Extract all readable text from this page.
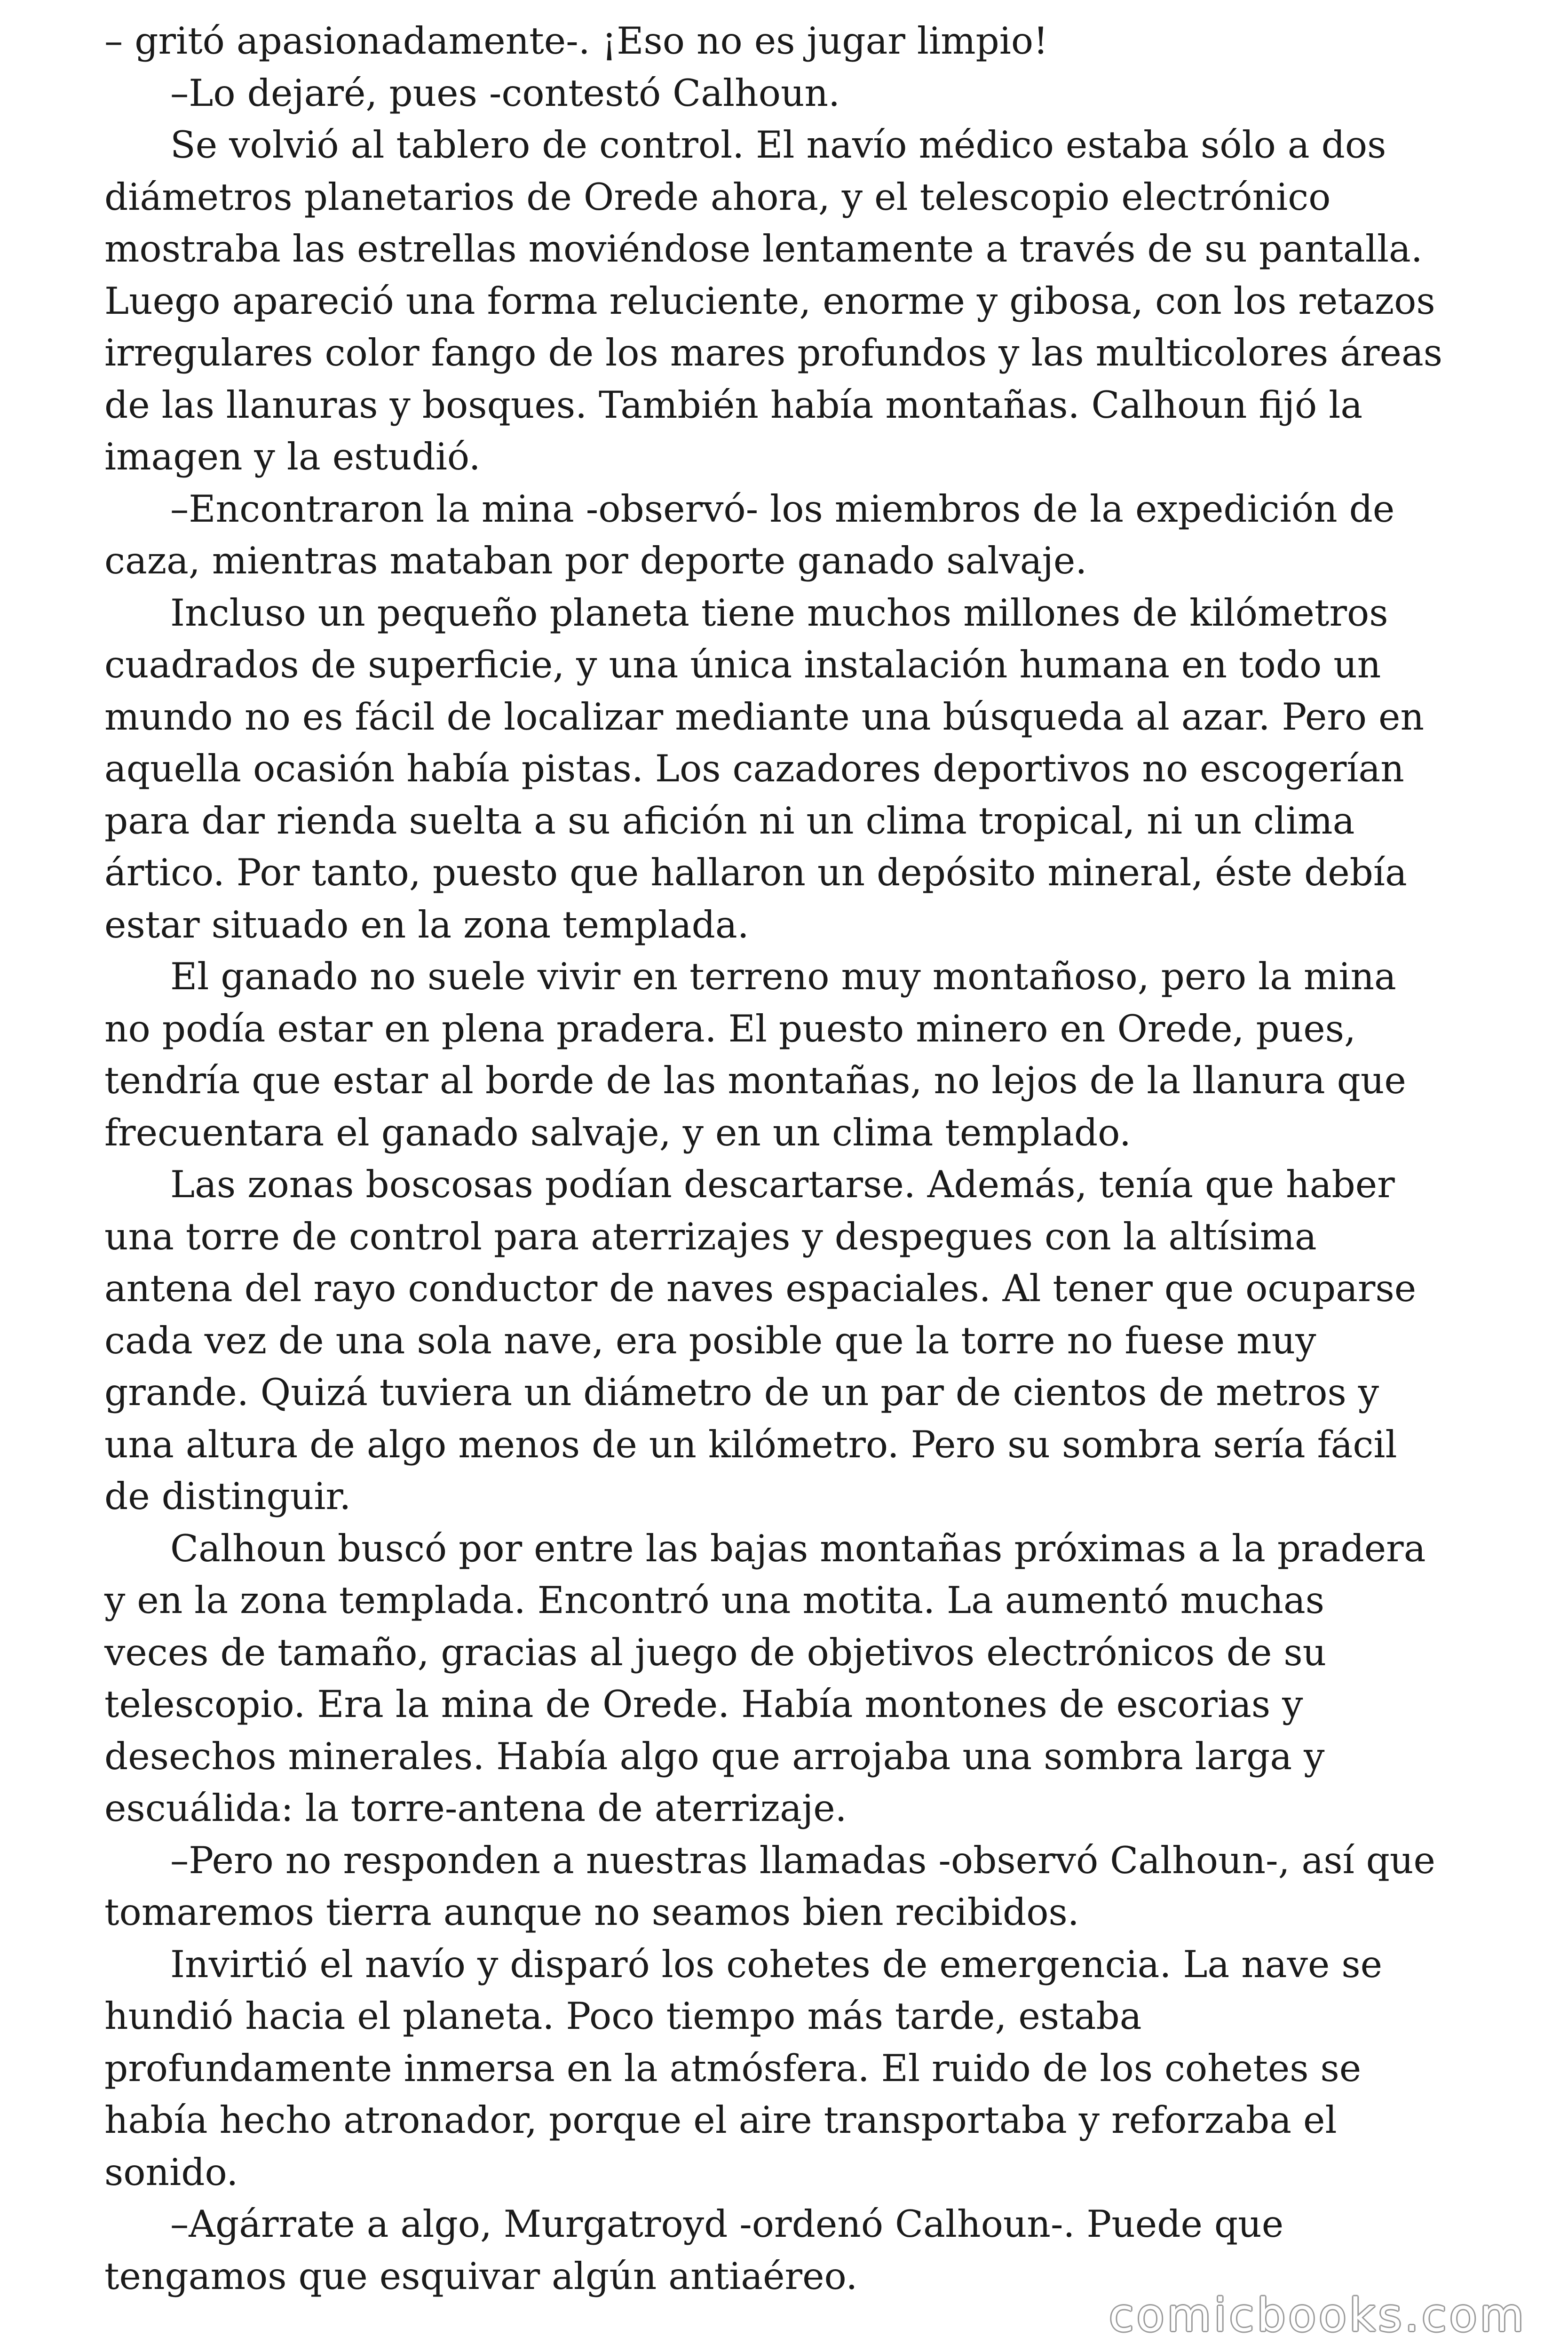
– gritó apasionadamente-. ¡Eso no es jugar limpio!
–Lo dejaré, pues -contestó Calhoun.
Se volvió al tablero de control. El navío médico estaba sólo a dos
diámetros planetarios de Orede ahora, y el telescopio electrónico
mostraba las estrellas moviéndose lentamente a través de su pantalla.
Luego apareció una forma reluciente, enorme y gibosa, con los retazos
irregulares color fango de los mares profundos y las multicolores áreas
de las llanuras y bosques. También había montañas. Calhoun fijó la
imagen y la estudió.
–Encontraron la mina -observó- los miembros de la expedición de
caza, mientras mataban por deporte ganado salvaje.
Incluso un pequeño planeta tiene muchos millones de kilómetros
cuadrados de superficie, y una única instalación humana en todo un
mundo no es fácil de localizar mediante una búsqueda al azar. Pero en
aquella ocasión había pistas. Los cazadores deportivos no escogerían
para dar rienda suelta a su afición ni un clima tropical, ni un clima
ártico. Por tanto, puesto que hallaron un depósito mineral, éste debía
estar situado en la zona templada.
El ganado no suele vivir en terreno muy montañoso, pero la mina
no podía estar en plena pradera. El puesto minero en Orede, pues,
tendría que estar al borde de las montañas, no lejos de la llanura que
frecuentara el ganado salvaje, y en un clima templado.
Las zonas boscosas podían descartarse. Además, tenía que haber
una torre de control para aterrizajes y despegues con la altísima
antena del rayo conductor de naves espaciales. Al tener que ocuparse
cada vez de una sola nave, era posible que la torre no fuese muy
grande. Quizá tuviera un diámetro de un par de cientos de metros y
una altura de algo menos de un kilómetro. Pero su sombra sería fácil
de distinguir.
Calhoun buscó por entre las bajas montañas próximas a la pradera
y en la zona templada. Encontró una motita. La aumentó muchas
veces de tamaño, gracias al juego de objetivos electrónicos de su
telescopio. Era la mina de Orede. Había montones de escorias y
desechos minerales. Había algo que arrojaba una sombra larga y
escuálida: la torre-antena de aterrizaje.
–Pero no responden a nuestras llamadas -observó Calhoun-, así que
tomaremos tierra aunque no seamos bien recibidos.
Invirtió el navío y disparó los cohetes de emergencia. La nave se
hundió hacia el planeta. Poco tiempo más tarde, estaba
profundamente inmersa en la atmósfera. El ruido de los cohetes se
había hecho atronador, porque el aire transportaba y reforzaba el
sonido.
–Agárrate a algo, Murgatroyd -ordenó Calhoun-. Puede que
tengamos que esquivar algún antiaéreo.
comicbooks.com
